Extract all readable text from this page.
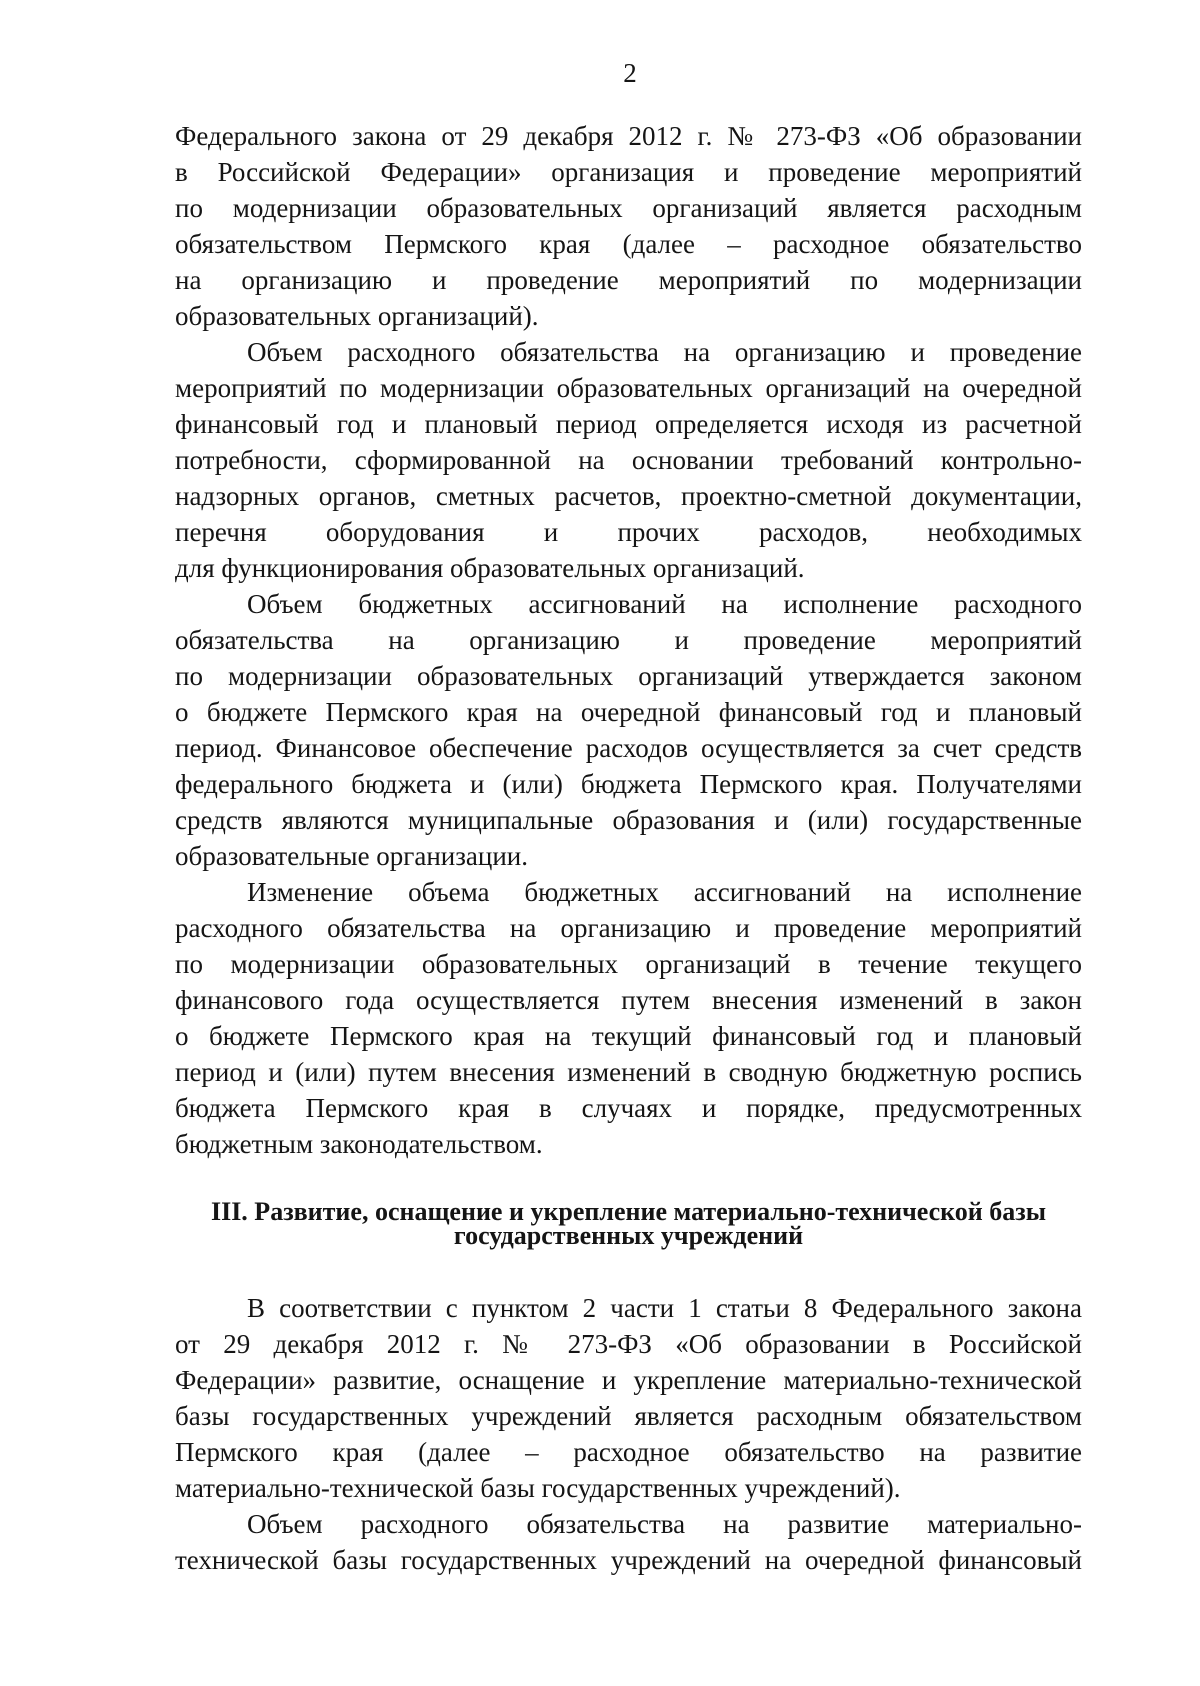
2

Федерального закона от 29 декабря 2012 г. № 273-ФЗ «Об образовании
в Российской Федерации» организация и проведение мероприятий
по модернизации образовательных организаций является расходным
обязательством Пермского края (далее – расходное обязательство
на организацию и проведение мероприятий по модернизации
образовательных организаций).

Объем расходного обязательства на организацию и проведение
мероприятий по модернизации образовательных организаций на очередной
финансовый год и плановый период определяется исходя из расчетной
потребности, сформированной на основании требований контрольно-
надзорных органов, сметных расчетов, проектно-сметной документации,
перечня оборудования и прочих расходов, необходимых
для функционирования образовательных организаций.

Объем бюджетных ассигнований на исполнение расходного
обязательства на организацию и проведение мероприятий
по модернизации образовательных организаций утверждается законом
о бюджете Пермского края на очередной финансовый год и плановый
период. Финансовое обеспечение расходов осуществляется за счет средств
федерального бюджета и (или) бюджета Пермского края. Получателями
средств являются муниципальные образования и (или) государственные
образовательные организации.

Изменение объема бюджетных ассигнований на исполнение
расходного обязательства на организацию и проведение мероприятий
по модернизации образовательных организаций в течение текущего
финансового года осуществляется путем внесения изменений в закон
о бюджете Пермского края на текущий финансовый год и плановый
период и (или) путем внесения изменений в сводную бюджетную роспись
бюджета Пермского края в случаях и порядке, предусмотренных
бюджетным законодательством.

III. Развитие, оснащение и укрепление материально-технической базы
государственных учреждений

В соответствии с пунктом 2 части 1 статьи 8 Федерального закона
от 29 декабря 2012 г. № 273-ФЗ «Об образовании в Российской
Федерации» развитие, оснащение и укрепление материально-технической
базы государственных учреждений является расходным обязательством
Пермского края (далее – расходное обязательство на развитие
материально-технической базы государственных учреждений).

Объем расходного обязательства на развитие материально-
технической базы государственных учреждений на очередной финансовый
